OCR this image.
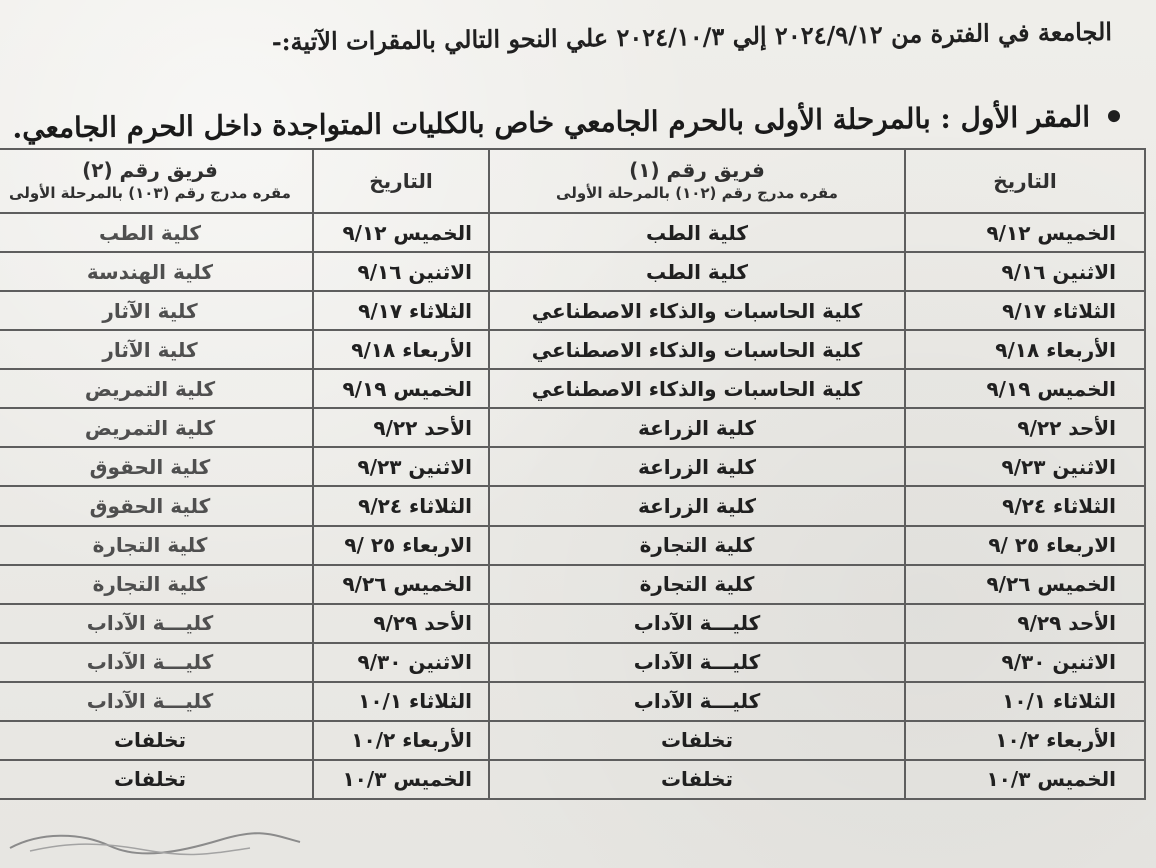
الجامعة في الفترة من ٢٠٢٤/٩/١٢ إلي ٢٠٢٤/١٠/٣ علي النحو التالي بالمقرات الآتية:-
المقر الأول : بالمرحلة الأولى بالحرم الجامعي خاص بالكليات المتواجدة داخل الحرم الجامعي.
التاريخ	فريق رقم (١)
مقره مدرج رقم (١٠٢) بالمرحلة الأولى	التاريخ	فريق رقم (٢)
مقره مدرج رقم (١٠٣) بالمرحلة الأولى

الخميس ٩/١٢	كلية الطب	الخميس ٩/١٢	كلية الطب
الاثنين ٩/١٦	كلية الطب	الاثنين ٩/١٦	كلية الهندسة
الثلاثاء ٩/١٧	كلية الحاسبات والذكاء الاصطناعي	الثلاثاء ٩/١٧	كلية الآثار
الأربعاء ٩/١٨	كلية الحاسبات والذكاء الاصطناعي	الأربعاء ٩/١٨	كلية الآثار
الخميس ٩/١٩	كلية الحاسبات والذكاء الاصطناعي	الخميس ٩/١٩	كلية التمريض
الأحد ٩/٢٢	كلية الزراعة	الأحد ٩/٢٢	كلية التمريض
الاثنين ٩/٢٣	كلية الزراعة	الاثنين ٩/٢٣	كلية الحقوق
الثلاثاء ٩/٢٤	كلية الزراعة	الثلاثاء ٩/٢٤	كلية الحقوق
الاربعاء ٢٥ /٩	كلية التجارة	الاربعاء ٢٥ /٩	كلية التجارة
الخميس ٩/٢٦	كلية التجارة	الخميس ٩/٢٦	كلية التجارة
الأحد ٩/٢٩	كليـــة الآداب	الأحد ٩/٢٩	كليـــة الآداب
الاثنين ٩/٣٠	كليـــة الآداب	الاثنين ٩/٣٠	كليـــة الآداب
الثلاثاء ١٠/١	كليـــة الآداب	الثلاثاء ١٠/١	كليـــة الآداب
الأربعاء ١٠/٢	تخلفات	الأربعاء ١٠/٢	تخلفات
الخميس ١٠/٣	تخلفات	الخميس ١٠/٣	تخلفات
